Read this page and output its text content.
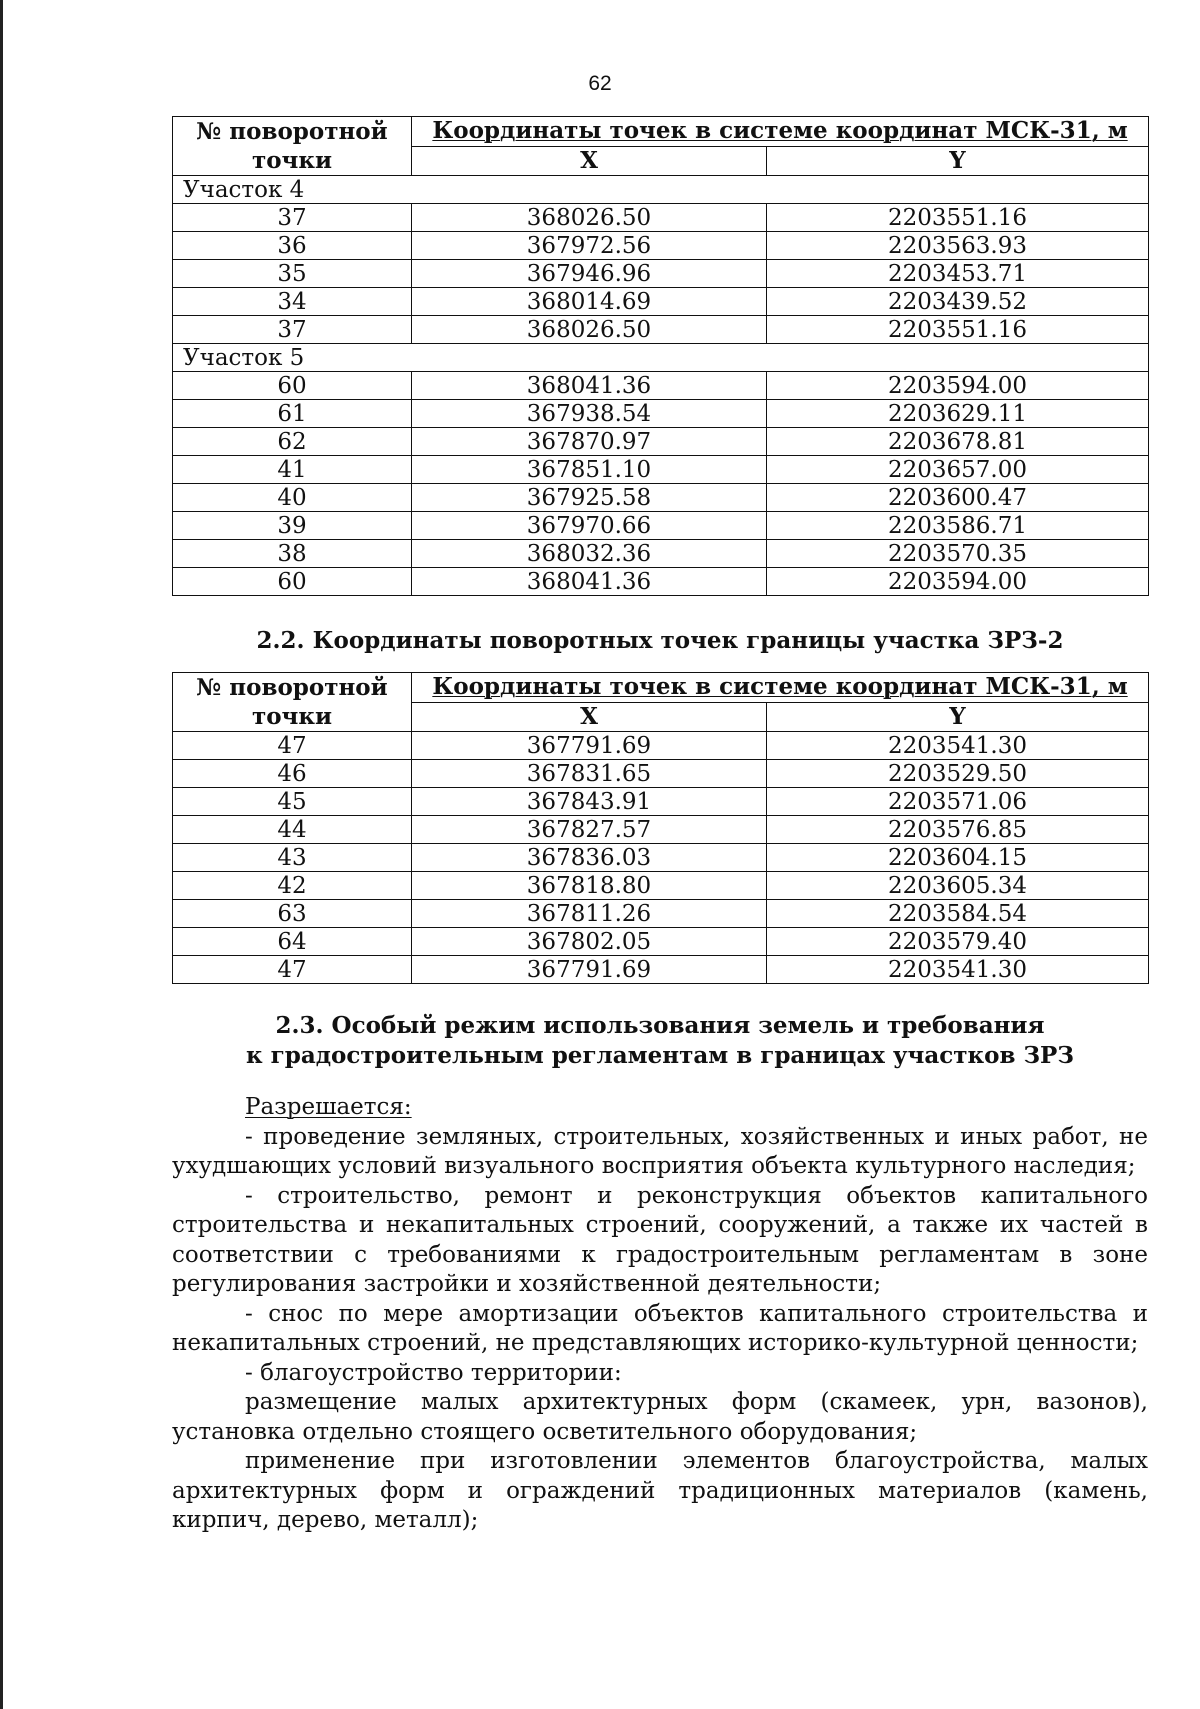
62
№ поворотной точки	Координаты точек в системе координат МСК-31, м	
	X	Y
Участок 4		
37	368026.50	2203551.16
36	367972.56	2203563.93
35	367946.96	2203453.71
34	368014.69	2203439.52
37	368026.50	2203551.16
Участок 5		
60	368041.36	2203594.00
61	367938.54	2203629.11
62	367870.97	2203678.81
41	367851.10	2203657.00
40	367925.58	2203600.47
39	367970.66	2203586.71
38	368032.36	2203570.35
60	368041.36	2203594.00

2.2. Координаты поворотных точек границы участка ЗРЗ-2

№ поворотной точки	Координаты точек в системе координат МСК-31, м	
	X	Y
47	367791.69	2203541.30
46	367831.65	2203529.50
45	367843.91	2203571.06
44	367827.57	2203576.85
43	367836.03	2203604.15
42	367818.80	2203605.34
63	367811.26	2203584.54
64	367802.05	2203579.40
47	367791.69	2203541.30

2.3. Особый режим использования земель и требования

к градостроительным регламентам в границах участков ЗРЗ

Разрешается:

- проведение земляных, строительных, хозяйственных и иных работ, не ухудшающих условий визуального восприятия объекта культурного наследия;

- строительство, ремонт и реконструкция объектов капитального строительства и некапитальных строений, сооружений, а также их частей в соответствии с требованиями к градостроительным регламентам в зоне регулирования застройки и хозяйственной деятельности;

- снос по мере амортизации объектов капитального строительства и некапитальных строений, не представляющих историко-культурной ценности;

- благоустройство территории:

размещение малых архитектурных форм (скамеек, урн, вазонов), установка отдельно стоящего осветительного оборудования;

применение при изготовлении элементов благоустройства, малых архитектурных форм и ограждений традиционных материалов (камень, кирпич, дерево, металл);
